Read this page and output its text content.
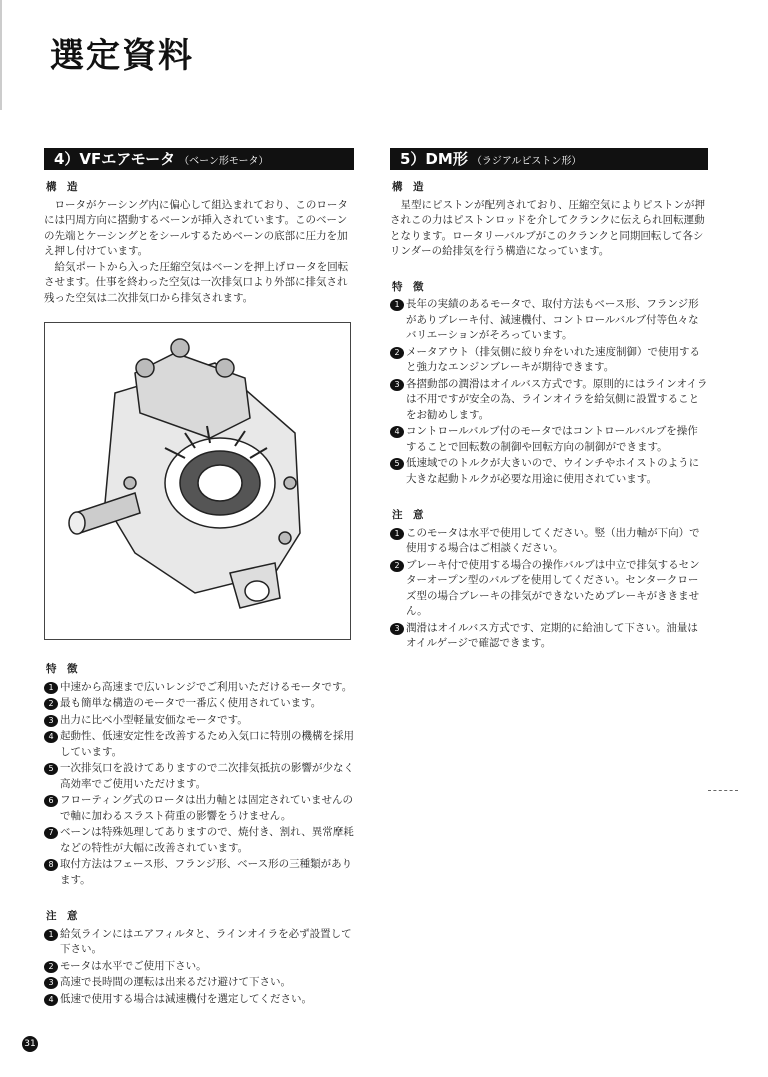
選定資料
4）VFエアモータ （ベーン形モータ）
構　造

ロータがケーシング内に偏心して組込まれており、このロータには円周方向に摺動するベーンが挿入されています。このベーンの先端とケーシングとをシールするためベーンの底部に圧力を加え押し付けています。

給気ポートから入った圧縮空気はベーンを押上げロータを回転させます。仕事を終わった空気は一次排気口より外部に排気され残った空気は二次排気口から排気されます。

特　徴
1 中速から高速まで広いレンジでご利用いただけるモータです。
2 最も簡単な構造のモータで一番広く使用されています。
3 出力に比べ小型軽量安価なモータです。
4 起動性、低速安定性を改善するため入気口に特別の機構を採用しています。
5 一次排気口を設けてありますので二次排気抵抗の影響が少なく高効率でご使用いただけます。
6 フローティング式のロータは出力軸とは固定されていませんので軸に加わるスラスト荷重の影響をうけません。
7 ベーンは特殊処理してありますので、焼付き、割れ、異常摩耗などの特性が大幅に改善されています。
8 取付方法はフェース形、フランジ形、ベース形の三種類があります。
注　意
1 給気ラインにはエアフィルタと、ラインオイラを必ず設置して下さい。
2 モータは水平でご使用下さい。
3 高速で長時間の運転は出来るだけ避けて下さい。
4 低速で使用する場合は減速機付を選定してください。
5）DM形 （ラジアルピストン形）
構　造

星型にピストンが配列されており、圧縮空気によりピストンが押されこの力はピストンロッドを介してクランクに伝えられ回転運動となります。ロータリーバルブがこのクランクと同期回転して各シリンダーの給排気を行う構造になっています。

特　徴
1 長年の実績のあるモータで、取付方法もベース形、フランジ形がありブレーキ付、減速機付、コントロールバルブ付等色々なバリエーションがそろっています。
2 メータアウト（排気側に絞り弁をいれた速度制御）で使用すると強力なエンジンブレーキが期待できます。
3 各摺動部の潤滑はオイルバス方式です。原則的にはラインオイラは不用ですが安全の為、ラインオイラを給気側に設置することをお勧めします。
4 コントロールバルブ付のモータではコントロールバルブを操作することで回転数の制御や回転方向の制御ができます。
5 低速域でのトルクが大きいので、ウインチやホイストのように大きな起動トルクが必要な用途に使用されています。
注　意
1 このモータは水平で使用してください。竪（出力軸が下向）で使用する場合はご相談ください。
2 ブレーキ付で使用する場合の操作バルブは中立で排気するセンターオープン型のバルブを使用してください。センタークローズ型の場合ブレーキの排気ができないためブレーキがききません。
3 潤滑はオイルバス方式です、定期的に給油して下さい。油量はオイルゲージで確認できます。
31
